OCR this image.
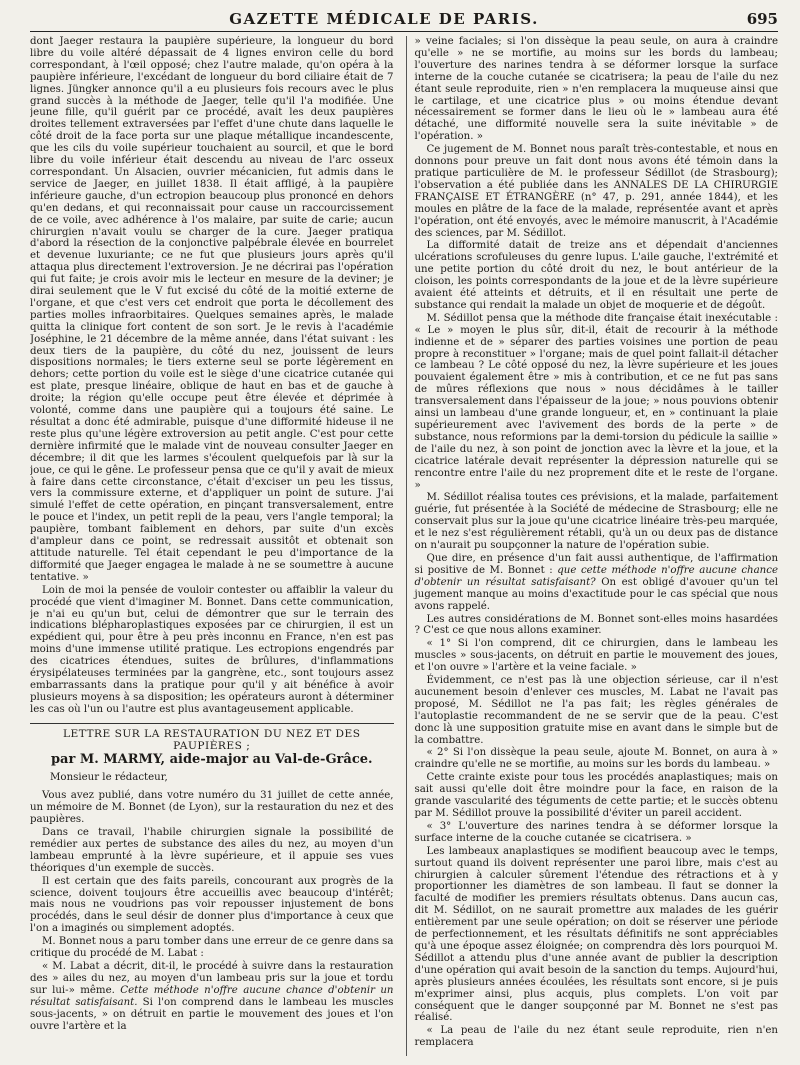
GAZETTE MÉDICALE DE PARIS.	695

dont Jaeger restaura la paupière supérieure, la longueur du bord libre du voile altéré dépassait de 4 lignes environ celle du bord correspondant, à l'œil opposé; chez l'autre malade, qu'on opéra à la paupière inférieure, l'excédant de longueur du bord ciliaire était de 7 lignes. Jüngker annonce qu'il a eu plusieurs fois recours avec le plus grand succès à la méthode de Jaeger, telle qu'il l'a modifiée. Une jeune fille, qu'il guérit par ce procédé, avait les deux paupières droites tellement extraversées par l'effet d'une chute dans laquelle le côté droit de la face porta sur une plaque métallique incandescente, que les cils du voile supérieur touchaient au sourcil, et que le bord libre du voile inférieur était descendu au niveau de l'arc osseux correspondant. Un Alsacien, ouvrier mécanicien, fut admis dans le service de Jaeger, en juillet 1838. Il était affligé, à la paupière inférieure gauche, d'un ectropion beaucoup plus prononcé en dehors qu'en dedans, et qui reconnaissait pour cause un raccourcissement de ce voile, avec adhérence à l'os malaire, par suite de carie; aucun chirurgien n'avait voulu se charger de la cure. Jaeger pratiqua d'abord la résection de la conjonctive palpébrale élevée en bourrelet et devenue luxuriante; ce ne fut que plusieurs jours après qu'il attaqua plus directement l'extroversion. Je ne décrirai pas l'opération qui fut faite; je crois avoir mis le lecteur en mesure de la deviner; je dirai seulement que le V fut excisé du côté de la moitié externe de l'organe, et que c'est vers cet endroit que porta le décollement des parties molles infraorbitaires. Quelques semaines après, le malade quitta la clinique fort content de son sort. Je le revis à l'académie Joséphine, le 21 décembre de la même année, dans l'état suivant : les deux tiers de la paupière, du côté du nez, jouissent de leurs dispositions normales; le tiers externe seul se porte légèrement en dehors; cette portion du voile est le siège d'une cicatrice cutanée qui est plate, presque linéaire, oblique de haut en bas et de gauche à droite; la région qu'elle occupe peut être élevée et déprimée à volonté, comme dans une paupière qui a toujours été saine. Le résultat a donc été admirable, puisque d'une difformité hideuse il ne reste plus qu'une légère extroversion au petit angle. C'est pour cette dernière infirmité que le malade vint de nouveau consulter Jaeger en décembre; il dit que les larmes s'écoulent quelquefois par là sur la joue, ce qui le gêne. Le professeur pensa que ce qu'il y avait de mieux à faire dans cette circonstance, c'était d'exciser un peu les tissus, vers la commissure externe, et d'appliquer un point de suture. J'ai simulé l'effet de cette opération, en pinçant transversalement, entre le pouce et l'index, un petit repli de la peau, vers l'angle temporal; la paupière, tombant faiblement en dehors, par suite d'un excès d'ampleur dans ce point, se redressait aussitôt et obtenait son attitude naturelle. Tel était cependant le peu d'importance de la difformité que Jaeger engagea le malade à ne se soumettre à aucune tentative. »

Loin de moi la pensée de vouloir contester ou affaiblir la valeur du procédé que vient d'imaginer M. Bonnet. Dans cette communication, je n'ai eu qu'un but, celui de démontrer que sur le terrain des indications blépharoplastiques exposées par ce chirurgien, il est un expédient qui, pour être à peu près inconnu en France, n'en est pas moins d'une immense utilité pratique. Les ectropions engendrés par des cicatrices étendues, suites de brûlures, d'inflammations érysipélateuses terminées par la gangrène, etc., sont toujours assez embarrassants dans la pratique pour qu'il y ait bénéfice à avoir plusieurs moyens à sa disposition; les opérateurs auront à déterminer les cas où l'un ou l'autre est plus avantageusement applicable.

LETTRE SUR LA RESTAURATION DU NEZ ET DES PAUPIÈRES ;

par M. MARMY, aide-major au Val-de-Grâce.

Monsieur le rédacteur,

Vous avez publié, dans votre numéro du 31 juillet de cette année, un mémoire de M. Bonnet (de Lyon), sur la restauration du nez et des paupières.

Dans ce travail, l'habile chirurgien signale la possibilité de remédier aux pertes de substance des ailes du nez, au moyen d'un lambeau emprunté à la lèvre supérieure, et il appuie ses vues théoriques d'un exemple de succès.

Il est certain que des faits pareils, concourant aux progrès de la science, doivent toujours être accueillis avec beaucoup d'intérêt; mais nous ne voudrions pas voir repousser injustement de bons procédés, dans le seul désir de donner plus d'importance à ceux que l'on a imaginés ou simplement adoptés.

M. Bonnet nous a paru tomber dans une erreur de ce genre dans sa critique du procédé de M. Labat :

« M. Labat a décrit, dit-il, le procédé à suivre dans la restauration des » ailes du nez, au moyen d'un lambeau pris sur la joue et tordu sur lui-» même. Cette méthode n'offre aucune chance d'obtenir un résultat satisfaisant. Si l'on comprend dans le lambeau les muscles sous-jacents, » on détruit en partie le mouvement des joues et l'on ouvre l'artère et la

» veine faciales; si l'on dissèque la peau seule, on aura à craindre qu'elle » ne se mortifie, au moins sur les bords du lambeau; l'ouverture des narines tendra à se déformer lorsque la surface interne de la couche cutanée se cicatrisera; la peau de l'aile du nez étant seule reproduite, rien » n'en remplacera la muqueuse ainsi que le cartilage, et une cicatrice plus » ou moins étendue devant nécessairement se former dans le lieu où le » lambeau aura été détaché, une difformité nouvelle sera la suite inévitable » de l'opération. »

Ce jugement de M. Bonnet nous paraît très-contestable, et nous en donnons pour preuve un fait dont nous avons été témoin dans la pratique particulière de M. le professeur Sédillot (de Strasbourg); l'observation a été publiée dans les ANNALES DE LA CHIRURGIE FRANÇAISE ET ÉTRANGÈRE (n° 47, p. 291, année 1844), et les moules en plâtre de la face de la malade, représentée avant et après l'opération, ont été envoyés, avec le mémoire manuscrit, à l'Académie des sciences, par M. Sédillot.

La difformité datait de treize ans et dépendait d'anciennes ulcérations scrofuleuses du genre lupus. L'aile gauche, l'extrémité et une petite portion du côté droit du nez, le bout antérieur de la cloison, les points correspondants de la joue et de la lèvre supérieure avaient été atteints et détruits, et il en résultait une perte de substance qui rendait la malade un objet de moquerie et de dégoût.

M. Sédillot pensa que la méthode dite française était inexécutable : « Le » moyen le plus sûr, dit-il, était de recourir à la méthode indienne et de » séparer des parties voisines une portion de peau propre à reconstituer » l'organe; mais de quel point fallait-il détacher ce lambeau ? Le côté opposé du nez, la lèvre supérieure et les joues pouvaient également être » mis à contribution, et ce ne fut pas sans de mûres réflexions que nous » nous décidâmes à le tailler transversalement dans l'épaisseur de la joue; » nous pouvions obtenir ainsi un lambeau d'une grande longueur, et, en » continuant la plaie supérieurement avec l'avivement des bords de la perte » de substance, nous reformions par la demi-torsion du pédicule la saillie » de l'aile du nez, à son point de jonction avec la lèvre et la joue, et la cicatrice latérale devait représenter la dépression naturelle qui se rencontre entre l'aile du nez proprement dite et le reste de l'organe. »

M. Sédillot réalisa toutes ces prévisions, et la malade, parfaitement guérie, fut présentée à la Société de médecine de Strasbourg; elle ne conservait plus sur la joue qu'une cicatrice linéaire très-peu marquée, et le nez s'est régulièrement rétabli, qu'à un ou deux pas de distance on n'aurait pu soupçonner la nature de l'opération subie.

Que dire, en présence d'un fait aussi authentique, de l'affirmation si positive de M. Bonnet : que cette méthode n'offre aucune chance d'obtenir un résultat satisfaisant? On est obligé d'avouer qu'un tel jugement manque au moins d'exactitude pour le cas spécial que nous avons rappelé.

Les autres considérations de M. Bonnet sont-elles moins hasardées ? C'est ce que nous allons examiner.

« 1° Si l'on comprend, dit ce chirurgien, dans le lambeau les muscles » sous-jacents, on détruit en partie le mouvement des joues, et l'on ouvre » l'artère et la veine faciale. »

Évidemment, ce n'est pas là une objection sérieuse, car il n'est aucunement besoin d'enlever ces muscles, M. Labat ne l'avait pas proposé, M. Sédillot ne l'a pas fait; les règles générales de l'autoplastie recommandent de ne se servir que de la peau. C'est donc là une supposition gratuite mise en avant dans le simple but de la combattre.

« 2° Si l'on dissèque la peau seule, ajoute M. Bonnet, on aura à » craindre qu'elle ne se mortifie, au moins sur les bords du lambeau. »

Cette crainte existe pour tous les procédés anaplastiques; mais on sait aussi qu'elle doit être moindre pour la face, en raison de la grande vascularité des téguments de cette partie; et le succès obtenu par M. Sédillot prouve la possibilité d'éviter un pareil accident.

« 3° L'ouverture des narines tendra à se déformer lorsque la surface interne de la couche cutanée se cicatrisera. »

Les lambeaux anaplastiques se modifient beaucoup avec le temps, surtout quand ils doivent représenter une paroi libre, mais c'est au chirurgien à calculer sûrement l'étendue des rétractions et à y proportionner les diamètres de son lambeau. Il faut se donner la faculté de modifier les premiers résultats obtenus. Dans aucun cas, dit M. Sédillot, on ne saurait promettre aux malades de les guérir entièrement par une seule opération; on doit se réserver une période de perfectionnement, et les résultats définitifs ne sont appréciables qu'à une époque assez éloignée; on comprendra dès lors pourquoi M. Sédillot a attendu plus d'une année avant de publier la description d'une opération qui avait besoin de la sanction du temps. Aujourd'hui, après plusieurs années écoulées, les résultats sont encore, si je puis m'exprimer ainsi, plus acquis, plus complets. L'on voit par conséquent que le danger soupçonné par M. Bonnet ne s'est pas réalisé.

« La peau de l'aile du nez étant seule reproduite, rien n'en remplacera
